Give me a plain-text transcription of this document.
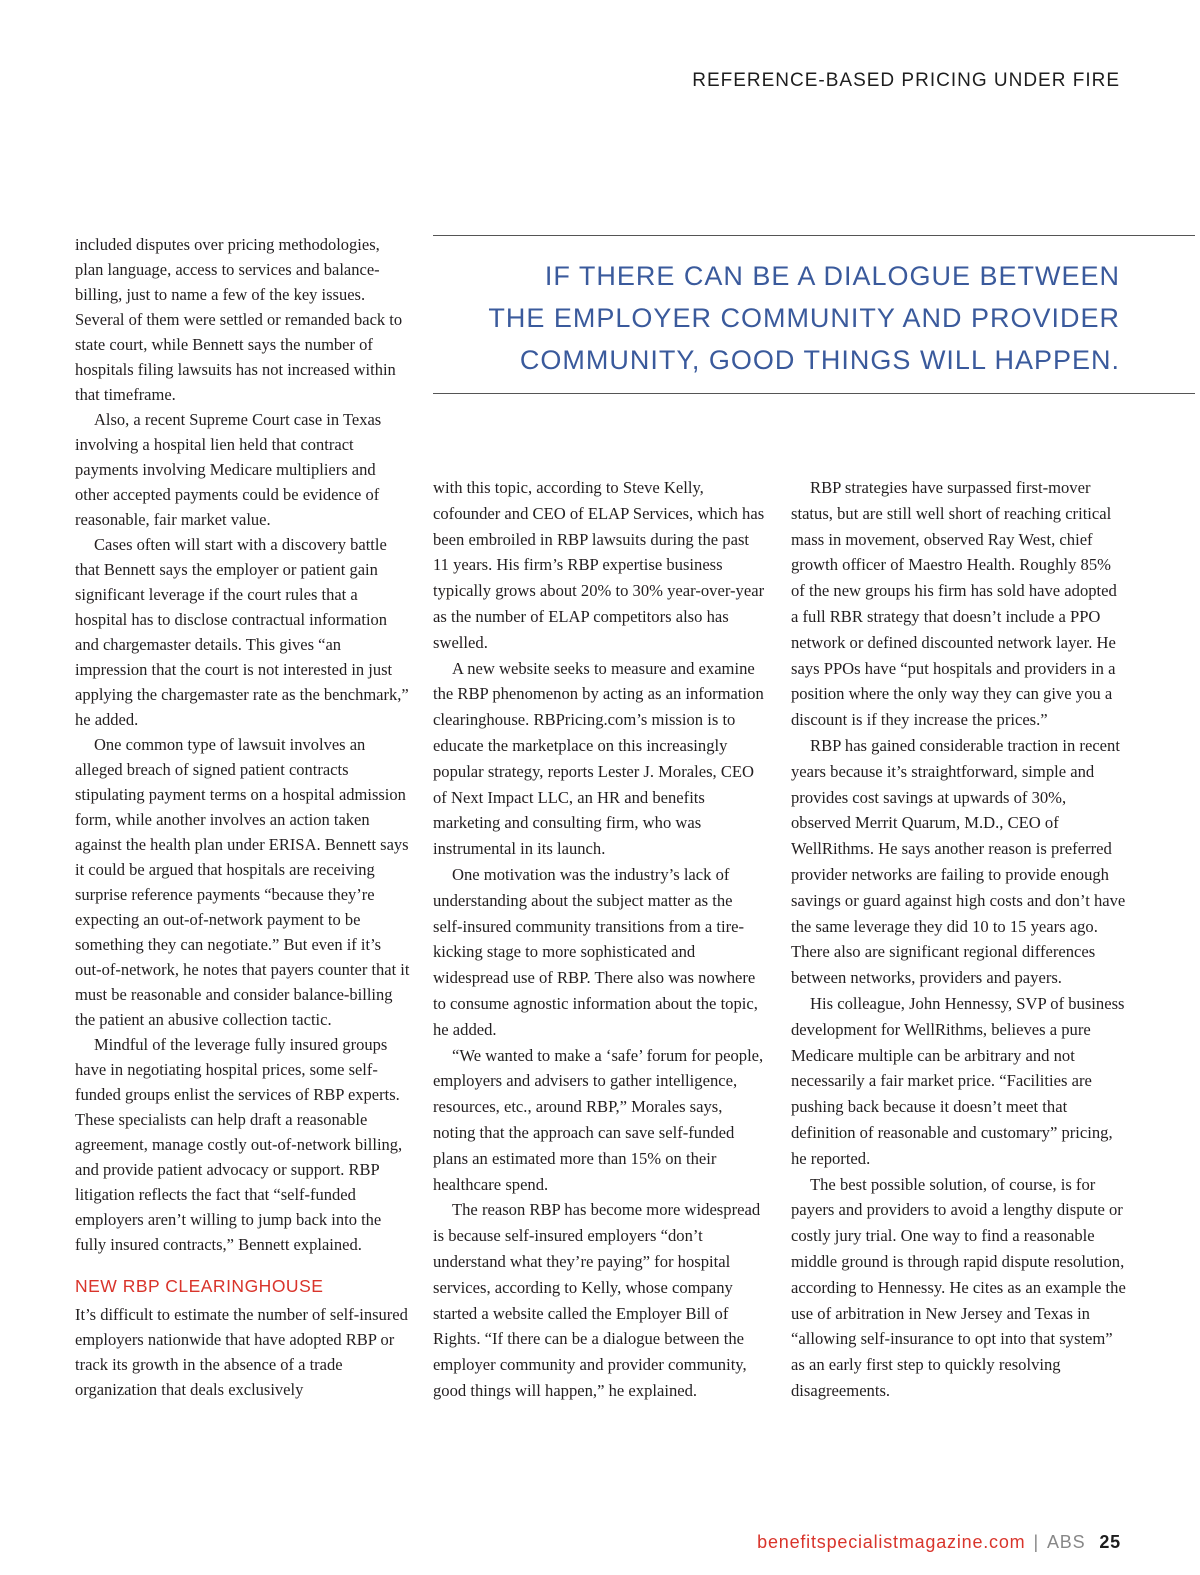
REFERENCE-BASED PRICING UNDER FIRE
IF THERE CAN BE A DIALOGUE BETWEEN
THE EMPLOYER COMMUNITY AND PROVIDER
COMMUNITY, GOOD THINGS WILL HAPPEN.

included disputes over pricing methodologies, plan language, access to services and balance-billing, just to name a few of the key issues. Several of them were settled or remanded back to state court, while Bennett says the number of hospitals filing lawsuits has not increased within that timeframe.

Also, a recent Supreme Court case in Texas involving a hospital lien held that contract payments involving Medicare multipliers and other accepted payments could be evidence of reasonable, fair market value.

Cases often will start with a discovery battle that Bennett says the employer or patient gain significant leverage if the court rules that a hospital has to disclose contractual information and chargemaster details. This gives “an impression that the court is not interested in just applying the chargemaster rate as the benchmark,” he added.

One common type of lawsuit involves an alleged breach of signed patient contracts stipulating payment terms on a hospital admission form, while another involves an action taken against the health plan under ERISA. Bennett says it could be argued that hospitals are receiving surprise reference payments “because they’re expecting an out-of-network payment to be something they can negotiate.” But even if it’s out-of-network, he notes that payers counter that it must be reasonable and consider balance-billing the patient an abusive collection tactic.

Mindful of the leverage fully insured groups have in negotiating hospital prices, some self-funded groups enlist the services of RBP experts. These specialists can help draft a reasonable agreement, manage costly out-of-network billing, and provide patient advocacy or support. RBP litigation reflects the fact that “self-funded employers aren’t willing to jump back into the fully insured contracts,” Bennett explained.

NEW RBP CLEARINGHOUSE

It’s difficult to estimate the number of self-insured employers nationwide that have adopted RBP or track its growth in the absence of a trade organization that deals exclusively

with this topic, according to Steve Kelly, cofounder and CEO of ELAP Services, which has been embroiled in RBP lawsuits during the past 11 years. His firm’s RBP expertise business typically grows about 20% to 30% year-over-year as the number of ELAP competitors also has swelled.

A new website seeks to measure and examine the RBP phenomenon by acting as an information clearinghouse. RBPricing.com’s mission is to educate the marketplace on this increasingly popular strategy, reports Lester J. Morales, CEO of Next Impact LLC, an HR and benefits marketing and consulting firm, who was instrumental in its launch.

One motivation was the industry’s lack of understanding about the subject matter as the self-insured community transitions from a tire-kicking stage to more sophisticated and widespread use of RBP. There also was nowhere to consume agnostic information about the topic, he added.

“We wanted to make a ‘safe’ forum for people, employers and advisers to gather intelligence, resources, etc., around RBP,” Morales says, noting that the approach can save self-funded plans an estimated more than 15% on their healthcare spend.

The reason RBP has become more widespread is because self-insured employers “don’t understand what they’re paying” for hospital services, according to Kelly, whose company started a website called the Employer Bill of Rights. “If there can be a dialogue between the employer community and provider community, good things will happen,” he explained.

RBP strategies have surpassed first-mover status, but are still well short of reaching critical mass in movement, observed Ray West, chief growth officer of Maestro Health. Roughly 85% of the new groups his firm has sold have adopted a full RBR strategy that doesn’t include a PPO network or defined discounted network layer. He says PPOs have “put hospitals and providers in a position where the only way they can give you a discount is if they increase the prices.”

RBP has gained considerable traction in recent years because it’s straightforward, simple and provides cost savings at upwards of 30%, observed Merrit Quarum, M.D., CEO of WellRithms. He says another reason is preferred provider networks are failing to provide enough savings or guard against high costs and don’t have the same leverage they did 10 to 15 years ago. There also are significant regional differences between networks, providers and payers.

His colleague, John Hennessy, SVP of business development for WellRithms, believes a pure Medicare multiple can be arbitrary and not necessarily a fair market price. “Facilities are pushing back because it doesn’t meet that definition of reasonable and customary” pricing, he reported.

The best possible solution, of course, is for payers and providers to avoid a lengthy dispute or costly jury trial. One way to find a reasonable middle ground is through rapid dispute resolution, according to Hennessy. He cites as an example the use of arbitration in New Jersey and Texas in “allowing self-insurance to opt into that system” as an early first step to quickly resolving disagreements.

benefitspecialistmagazine.com | ABS 25
